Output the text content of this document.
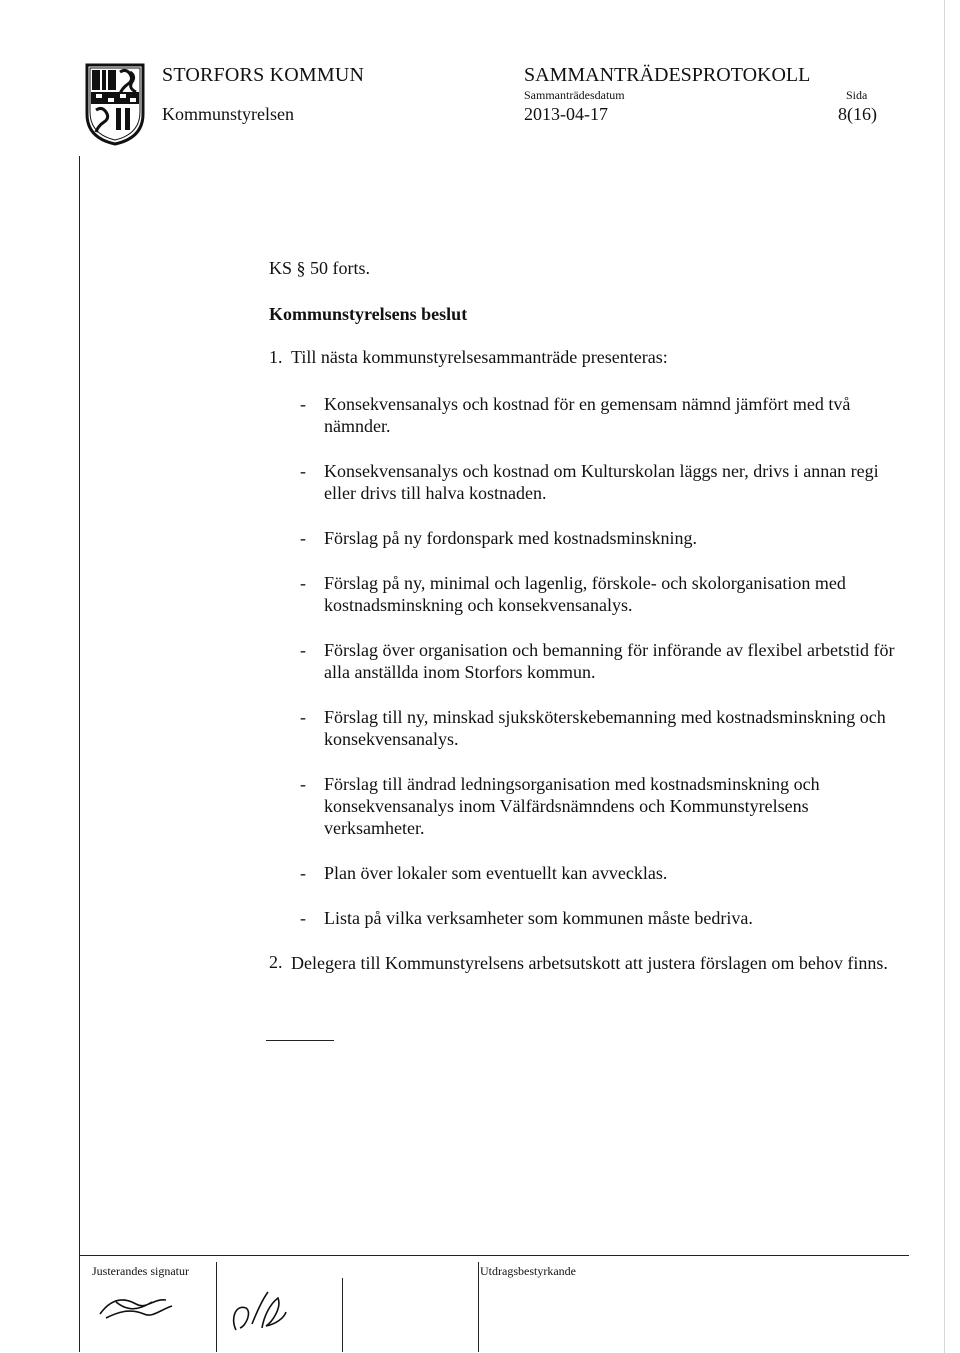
STORFORS KOMMUN
Kommunstyrelsen
SAMMANTRÄDESPROTOKOLL
Sammanträdesdatum
2013-04-17
Sida
8(16)
KS § 50 forts.
Kommunstyrelsens beslut
1. Till nästa kommunstyrelsesammanträde presenteras:
- Konsekvensanalys och kostnad för en gemensam nämnd jämfört med två nämnder.
- Konsekvensanalys och kostnad om Kulturskolan läggs ner, drivs i annan regi eller drivs till halva kostnaden.
- Förslag på ny fordonspark med kostnadsminskning.
- Förslag på ny, minimal och lagenlig, förskole- och skolorganisation med kostnadsminskning och konsekvensanalys.
- Förslag över organisation och bemanning för införande av flexibel arbetstid för alla anställda inom Storfors kommun.
- Förslag till ny, minskad sjuksköterskebemanning med kostnadsminskning och konsekvensanalys.
- Förslag till ändrad ledningsorganisation med kostnadsminskning och konsekvensanalys inom Välfärdsnämndens och Kommunstyrelsens verksamheter.
- Plan över lokaler som eventuellt kan avvecklas.
- Lista på vilka verksamheter som kommunen måste bedriva.
2. Delegera till Kommunstyrelsens arbetsutskott att justera förslagen om behov finns.
Justerandes signatur	Utdragsbestyrkande
